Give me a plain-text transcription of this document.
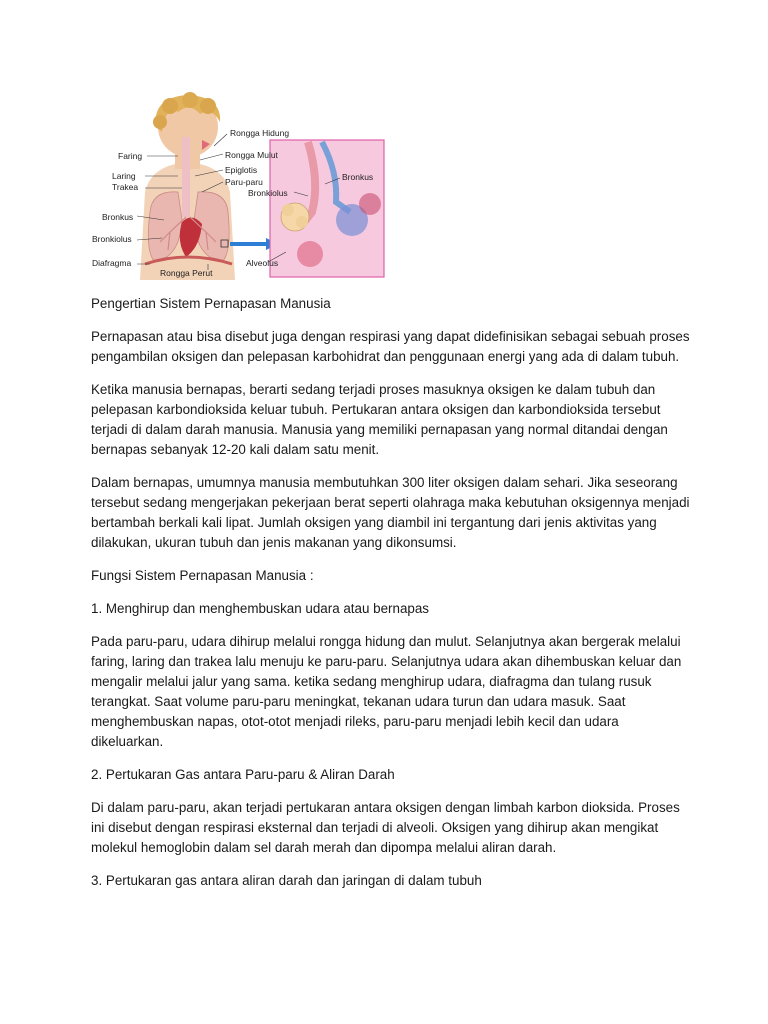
Rongga Hidung
Faring	Rongga Mulut
Epiglotis
Laring
Paru-paru
Trakea
Bronkus
Bronkiolus
Diafragma
Rongga Perut
Bronkus
Bronkiolus
Alveolus

Pengertian Sistem Pernapasan Manusia

Pernapasan atau bisa disebut juga dengan respirasi yang dapat didefinisikan sebagai sebuah proses pengambilan oksigen dan pelepasan karbohidrat dan penggunaan energi yang ada di dalam tubuh.

Ketika manusia bernapas, berarti sedang terjadi proses masuknya oksigen ke dalam tubuh dan pelepasan karbondioksida keluar tubuh. Pertukaran antara oksigen dan karbondioksida tersebut terjadi di dalam darah manusia. Manusia yang memiliki pernapasan yang normal ditandai dengan bernapas sebanyak 12-20 kali dalam satu menit.

Dalam bernapas, umumnya manusia membutuhkan 300 liter oksigen dalam sehari. Jika seseorang tersebut sedang mengerjakan pekerjaan berat seperti olahraga maka kebutuhan oksigennya menjadi bertambah berkali kali lipat. Jumlah oksigen yang diambil ini tergantung dari jenis aktivitas yang dilakukan, ukuran tubuh dan jenis makanan yang dikonsumsi.

Fungsi Sistem Pernapasan Manusia :

1. Menghirup dan menghembuskan udara atau bernapas

Pada paru-paru, udara dihirup melalui rongga hidung dan mulut. Selanjutnya akan bergerak melalui faring, laring dan trakea lalu menuju ke paru-paru. Selanjutnya udara akan dihembuskan keluar dan mengalir melalui jalur yang sama. ketika sedang menghirup udara, diafragma dan tulang rusuk terangkat. Saat volume paru-paru meningkat, tekanan udara turun dan udara masuk. Saat menghembuskan napas, otot-otot menjadi rileks, paru-paru menjadi lebih kecil dan udara dikeluarkan.

2. Pertukaran Gas antara Paru-paru & Aliran Darah

Di dalam paru-paru, akan terjadi pertukaran antara oksigen dengan limbah karbon dioksida. Proses ini disebut dengan respirasi eksternal dan terjadi di alveoli. Oksigen yang dihirup akan mengikat molekul hemoglobin dalam sel darah merah dan dipompa melalui aliran darah.

3. Pertukaran gas antara aliran darah dan jaringan di dalam tubuh
